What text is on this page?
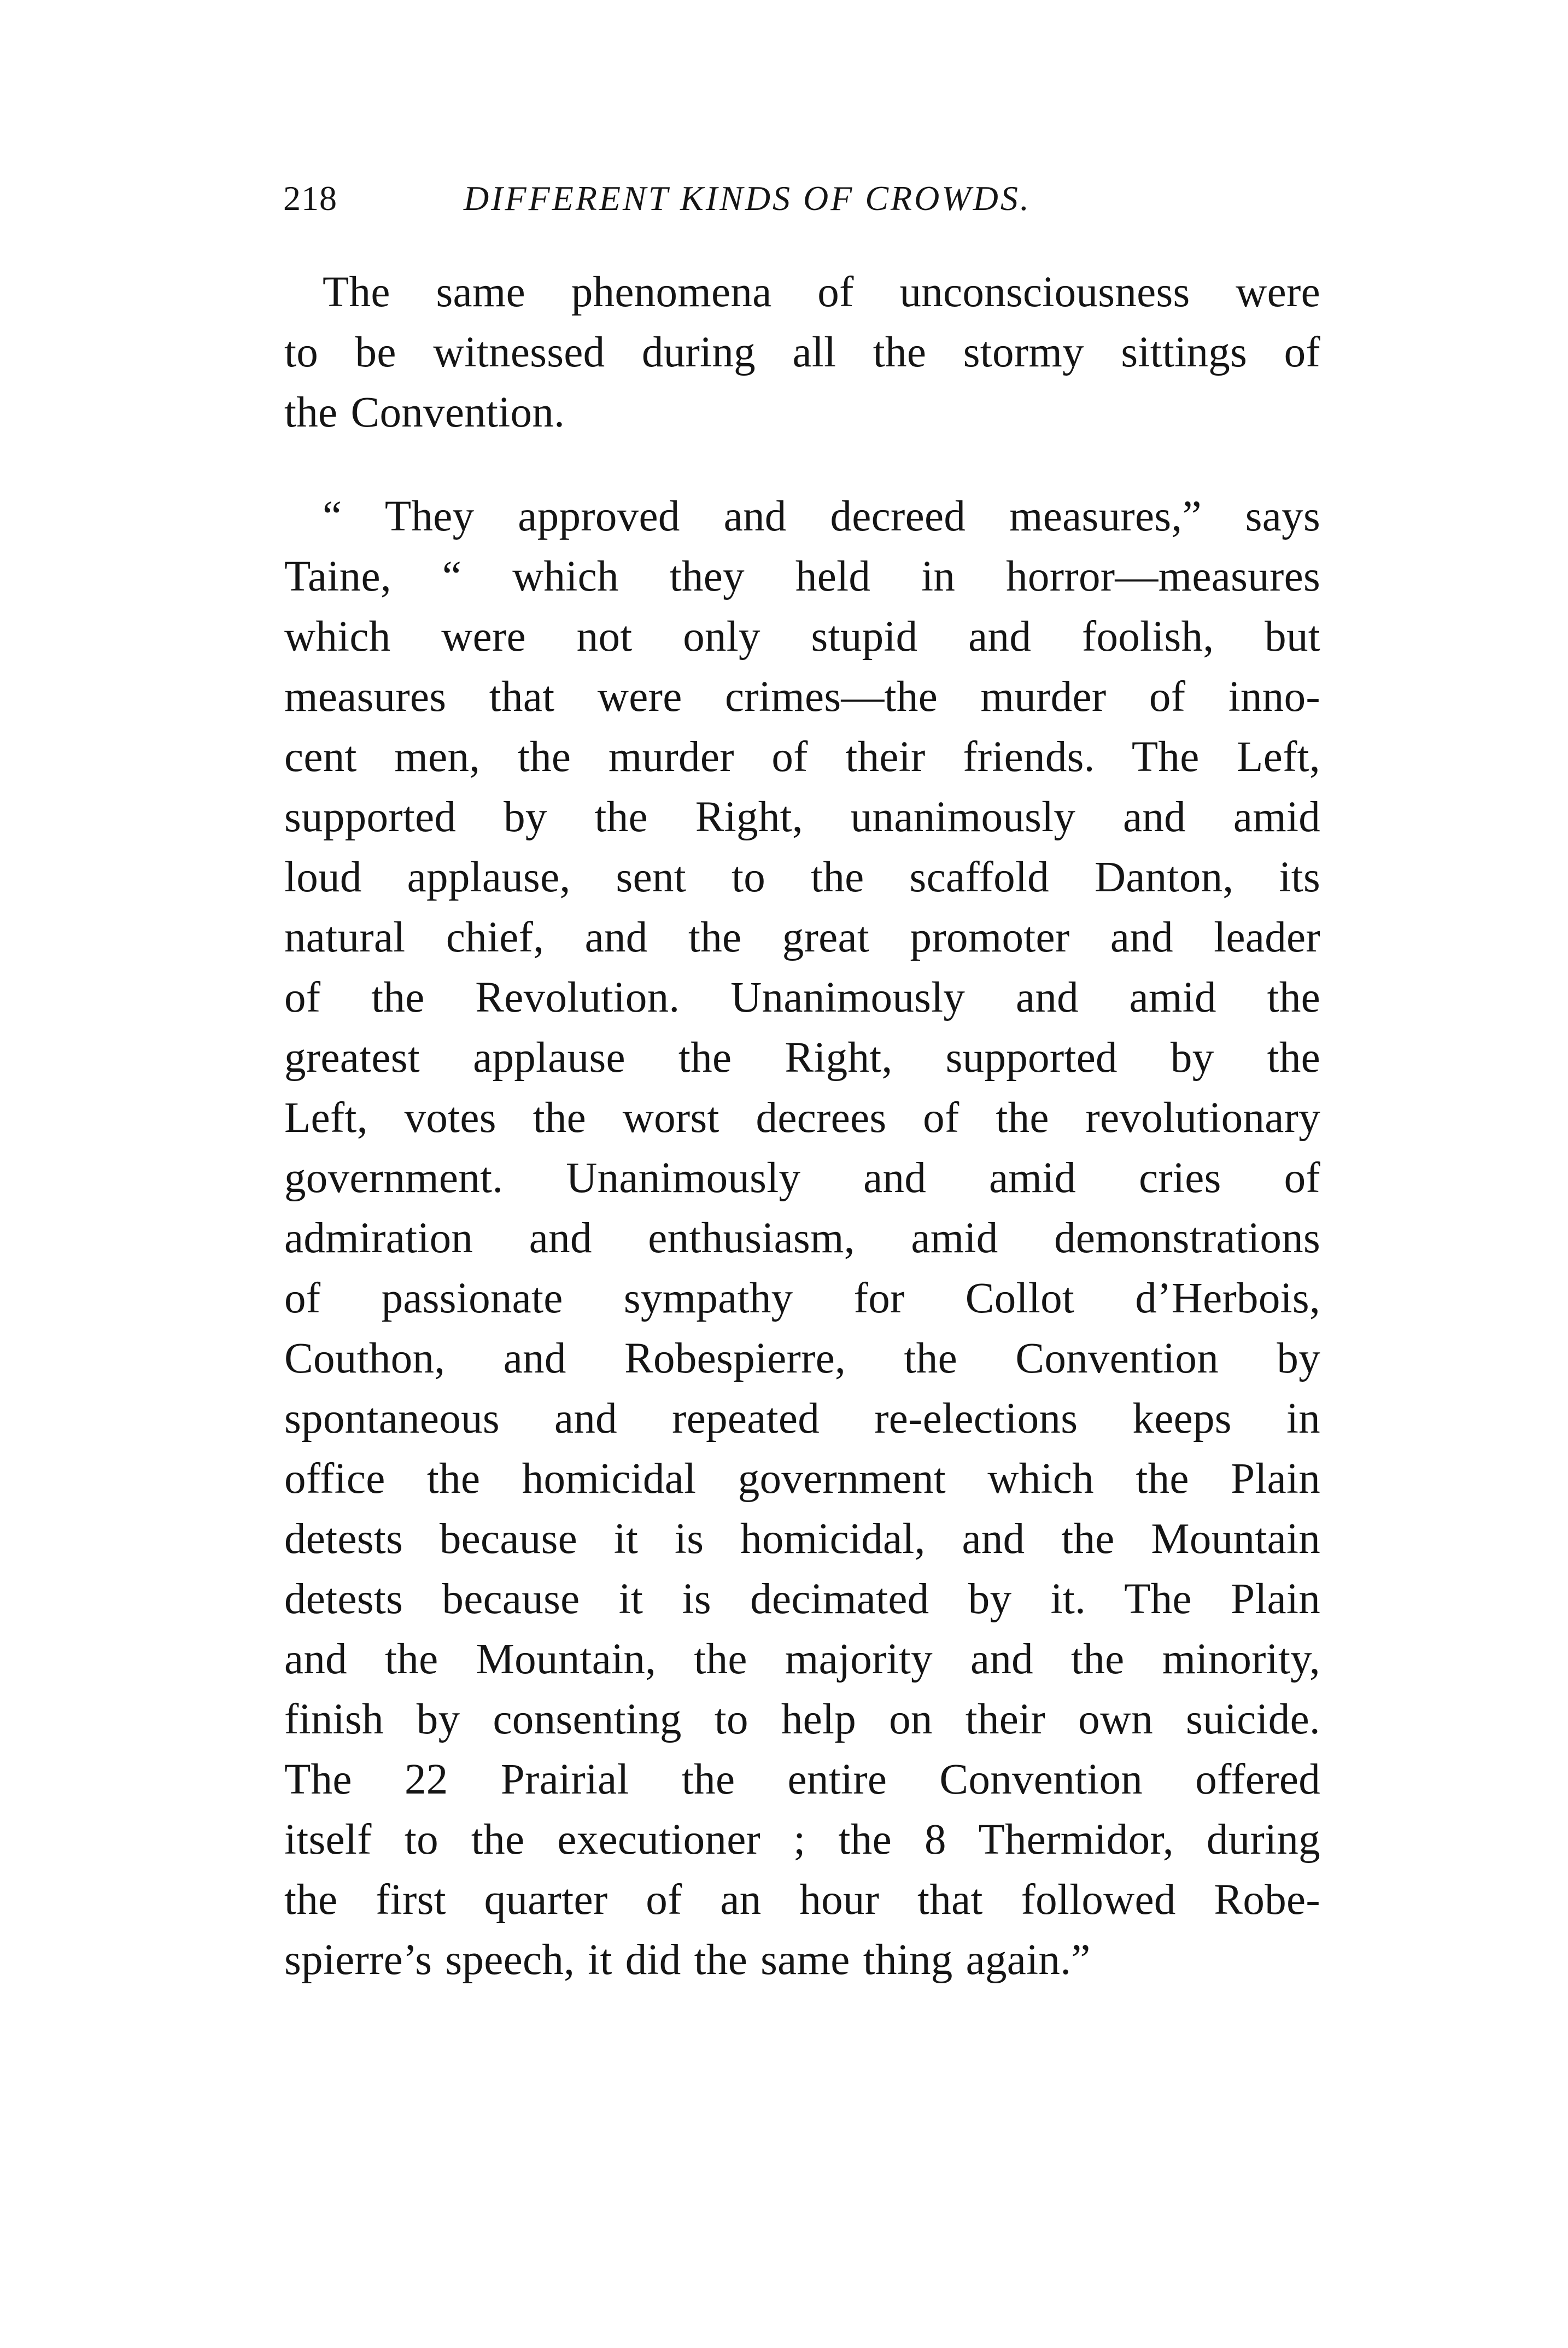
218	DIFFERENT KINDS OF CROWDS.
The same phenomena of unconsciousness were
to be witnessed during all the stormy sittings of
the Convention.
“ They approved and decreed measures,” says
Taine, “ which they held in horror—measures
which were not only stupid and foolish, but
measures that were crimes—the murder of inno-
cent men, the murder of their friends. The Left,
supported by the Right, unanimously and amid
loud applause, sent to the scaffold Danton, its
natural chief, and the great promoter and leader
of the Revolution. Unanimously and amid the
greatest applause the Right, supported by the
Left, votes the worst decrees of the revolutionary
government. Unanimously and amid cries of
admiration and enthusiasm, amid demonstrations
of passionate sympathy for Collot d’Herbois,
Couthon, and Robespierre, the Convention by
spontaneous and repeated re-elections keeps in
office the homicidal government which the Plain
detests because it is homicidal, and the Mountain
detests because it is decimated by it. The Plain
and the Mountain, the majority and the minority,
finish by consenting to help on their own suicide.
The 22 Prairial the entire Convention offered
itself to the executioner ; the 8 Thermidor, during
the first quarter of an hour that followed Robe-
spierre’s speech, it did the same thing again.”
